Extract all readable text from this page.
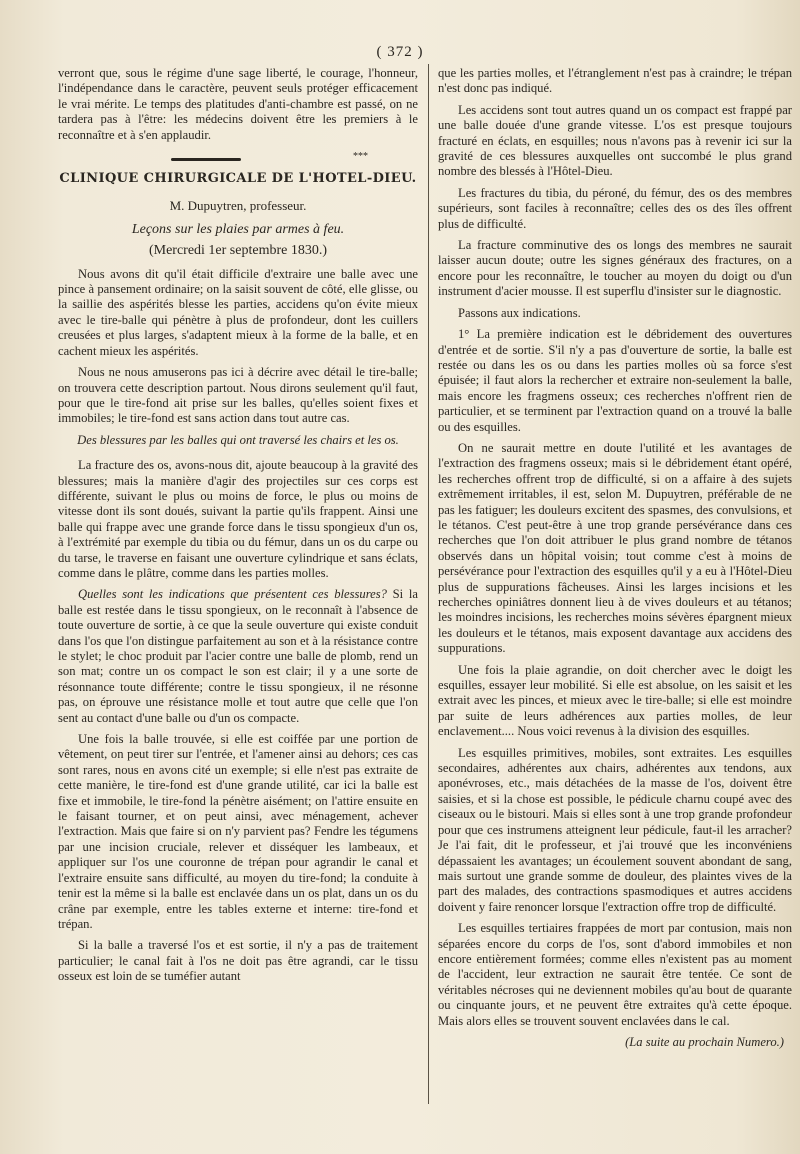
( 372 )

verront que, sous le régime d'une sage liberté, le courage, l'honneur, l'indépendance dans le caractère, peuvent seuls protéger efficacement le vrai mérite. Le temps des platitudes d'anti-chambre est passé, on ne tardera pas à l'être: les médecins doivent être les premiers à le reconnaître et à s'en applaudir.

***
CLINIQUE CHIRURGICALE DE L'HOTEL-DIEU.
M. Dupuytren, professeur.
Leçons sur les plaies par armes à feu.
(Mercredi 1er septembre 1830.)

Nous avons dit qu'il était difficile d'extraire une balle avec une pince à pansement ordinaire; on la saisit souvent de côté, elle glisse, ou la saillie des aspérités blesse les parties, accidens qu'on évite mieux avec le tire-balle qui pénètre à plus de profondeur, dont les cuillers creusées et plus larges, s'adaptent mieux à la forme de la balle, et en cachent mieux les aspérités.

Nous ne nous amuserons pas ici à décrire avec détail le tire-balle; on trouvera cette description partout. Nous dirons seulement qu'il faut, pour que le tire-fond ait prise sur les balles, qu'elles soient fixes et immobiles; le tire-fond est sans action dans tout autre cas.

Des blessures par les balles qui ont traversé les chairs et les os.

La fracture des os, avons-nous dit, ajoute beaucoup à la gravité des blessures; mais la manière d'agir des projectiles sur ces corps est différente, suivant le plus ou moins de force, le plus ou moins de vitesse dont ils sont doués, suivant la partie qu'ils frappent. Ainsi une balle qui frappe avec une grande force dans le tissu spongieux d'un os, à l'extrémité par exemple du tibia ou du fémur, dans un os du carpe ou du tarse, le traverse en faisant une ouverture cylindrique et sans éclats, comme dans le plâtre, comme dans les parties molles.

Quelles sont les indications que présentent ces blessures? Si la balle est restée dans le tissu spongieux, on le reconnaît à l'absence de toute ouverture de sortie, à ce que la seule ouverture qui existe conduit dans l'os que l'on distingue parfaitement au son et à la résistance contre le stylet; le choc produit par l'acier contre une balle de plomb, rend un son mat; contre un os compact le son est clair; il y a une sorte de résonnance toute différente; contre le tissu spongieux, il ne résonne pas, on éprouve une résistance molle et tout autre que celle que l'on sent au contact d'une balle ou d'un os compacte.

Une fois la balle trouvée, si elle est coiffée par une portion de vêtement, on peut tirer sur l'entrée, et l'amener ainsi au dehors; ces cas sont rares, nous en avons cité un exemple; si elle n'est pas extraite de cette manière, le tire-fond est d'une grande utilité, car ici la balle est fixe et immobile, le tire-fond la pénètre aisément; on l'attire ensuite en le faisant tourner, et on peut ainsi, avec ménagement, achever l'extraction. Mais que faire si on n'y parvient pas? Fendre les tégumens par une incision cruciale, relever et disséquer les lambeaux, et appliquer sur l'os une couronne de trépan pour agrandir le canal et l'extraire ensuite sans difficulté, au moyen du tire-fond; la conduite à tenir est la même si la balle est enclavée dans un os plat, dans un os du crâne par exemple, entre les tables externe et interne: tire-fond et trépan.

Si la balle a traversé l'os et est sortie, il n'y a pas de traitement particulier; le canal fait à l'os ne doit pas être agrandi, car le tissu osseux est loin de se tuméfier autant

que les parties molles, et l'étranglement n'est pas à craindre; le trépan n'est donc pas indiqué.

Les accidens sont tout autres quand un os compact est frappé par une balle douée d'une grande vitesse. L'os est presque toujours fracturé en éclats, en esquilles; nous n'avons pas à revenir ici sur la gravité de ces blessures auxquelles ont succombé le plus grand nombre des blessés à l'Hôtel-Dieu.

Les fractures du tibia, du péroné, du fémur, des os des membres supérieurs, sont faciles à reconnaître; celles des os des îles offrent plus de difficulté.

La fracture comminutive des os longs des membres ne saurait laisser aucun doute; outre les signes généraux des fractures, on a encore pour les reconnaître, le toucher au moyen du doigt ou d'un instrument d'acier mousse. Il est superflu d'insister sur le diagnostic.

Passons aux indications.

1° La première indication est le débridement des ouvertures d'entrée et de sortie. S'il n'y a pas d'ouverture de sortie, la balle est restée ou dans les os ou dans les parties molles où sa force s'est épuisée; il faut alors la rechercher et extraire non-seulement la balle, mais encore les fragmens osseux; ces recherches n'offrent rien de particulier, et se terminent par l'extraction quand on a trouvé la balle ou des esquilles.

On ne saurait mettre en doute l'utilité et les avantages de l'extraction des fragmens osseux; mais si le débridement étant opéré, les recherches offrent trop de difficulté, si on a affaire à des sujets extrêmement irritables, il est, selon M. Dupuytren, préférable de ne pas les fatiguer; les douleurs excitent des spasmes, des convulsions, et le tétanos. C'est peut-être à une trop grande persévérance dans ces recherches que l'on doit attribuer le plus grand nombre de tétanos observés dans un hôpital voisin; tout comme c'est à moins de persévérance pour l'extraction des esquilles qu'il y a eu à l'Hôtel-Dieu plus de suppurations fâcheuses. Ainsi les larges incisions et les recherches opiniâtres donnent lieu à de vives douleurs et au tétanos; les moindres incisions, les recherches moins sévères épargnent mieux les douleurs et le tétanos, mais exposent davantage aux accidens des suppurations.

Une fois la plaie agrandie, on doit chercher avec le doigt les esquilles, essayer leur mobilité. Si elle est absolue, on les saisit et les extrait avec les pinces, et mieux avec le tire-balle; si elle est moindre par suite de leurs adhérences aux parties molles, de leur enclavement.... Nous voici revenus à la division des esquilles.

Les esquilles primitives, mobiles, sont extraites. Les esquilles secondaires, adhérentes aux chairs, adhérentes aux tendons, aux aponévroses, etc., mais détachées de la masse de l'os, doivent être saisies, et si la chose est possible, le pédicule charnu coupé avec des ciseaux ou le bistouri. Mais si elles sont à une trop grande profondeur pour que ces instrumens atteignent leur pédicule, faut-il les arracher? Je l'ai fait, dit le professeur, et j'ai trouvé que les inconvéniens dépassaient les avantages; un écoulement souvent abondant de sang, mais surtout une grande somme de douleur, des plaintes vives de la part des malades, des contractions spasmodiques et autres accidens doivent y faire renoncer lorsque l'extraction offre trop de difficulté.

Les esquilles tertiaires frappées de mort par contusion, mais non séparées encore du corps de l'os, sont d'abord immobiles et non encore entièrement formées; comme elles n'existent pas au moment de l'accident, leur extraction ne saurait être tentée. Ce sont de véritables nécroses qui ne deviennent mobiles qu'au bout de quarante ou cinquante jours, et ne peuvent être extraites qu'à cette époque. Mais alors elles se trouvent souvent enclavées dans le cal.

(La suite au prochain Numero.)
